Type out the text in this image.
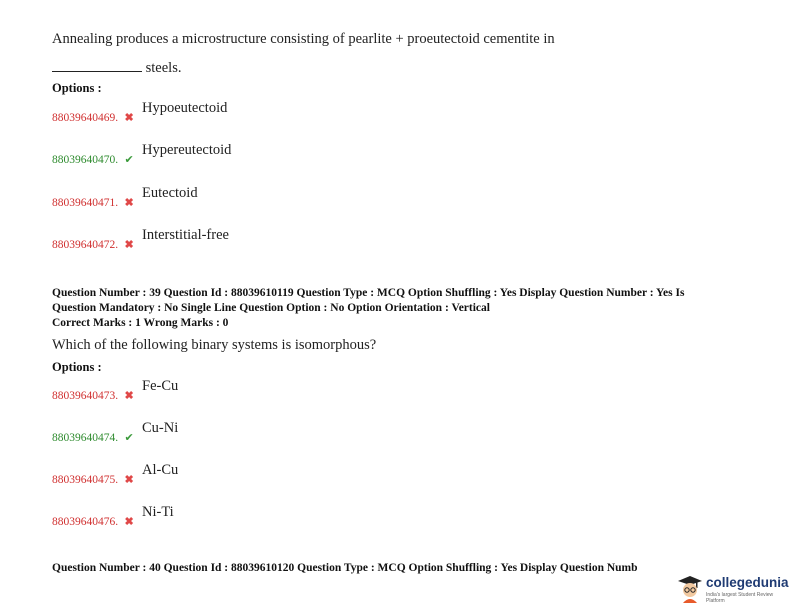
Annealing produces a microstructure consisting of pearlite + proeutectoid cementite in
steels.
Options :
88039640469. ✖
Hypoeutectoid
88039640470. ✔
Hypereutectoid
88039640471. ✖
Eutectoid
88039640472. ✖
Interstitial-free
Question Number : 39 Question Id : 88039610119 Question Type : MCQ Option Shuffling : Yes Display Question Number : Yes Is
Question Mandatory : No Single Line Question Option : No Option Orientation : Vertical
Correct Marks : 1 Wrong Marks : 0
Which of the following binary systems is isomorphous?
Options :
88039640473. ✖
Fe-Cu
88039640474. ✔
Cu-Ni
88039640475. ✖
Al-Cu
88039640476. ✖
Ni-Ti
Question Number : 40 Question Id : 88039610120 Question Type : MCQ Option Shuffling : Yes Display Question Numb
collegedunia
India's largest Student Review Platform
